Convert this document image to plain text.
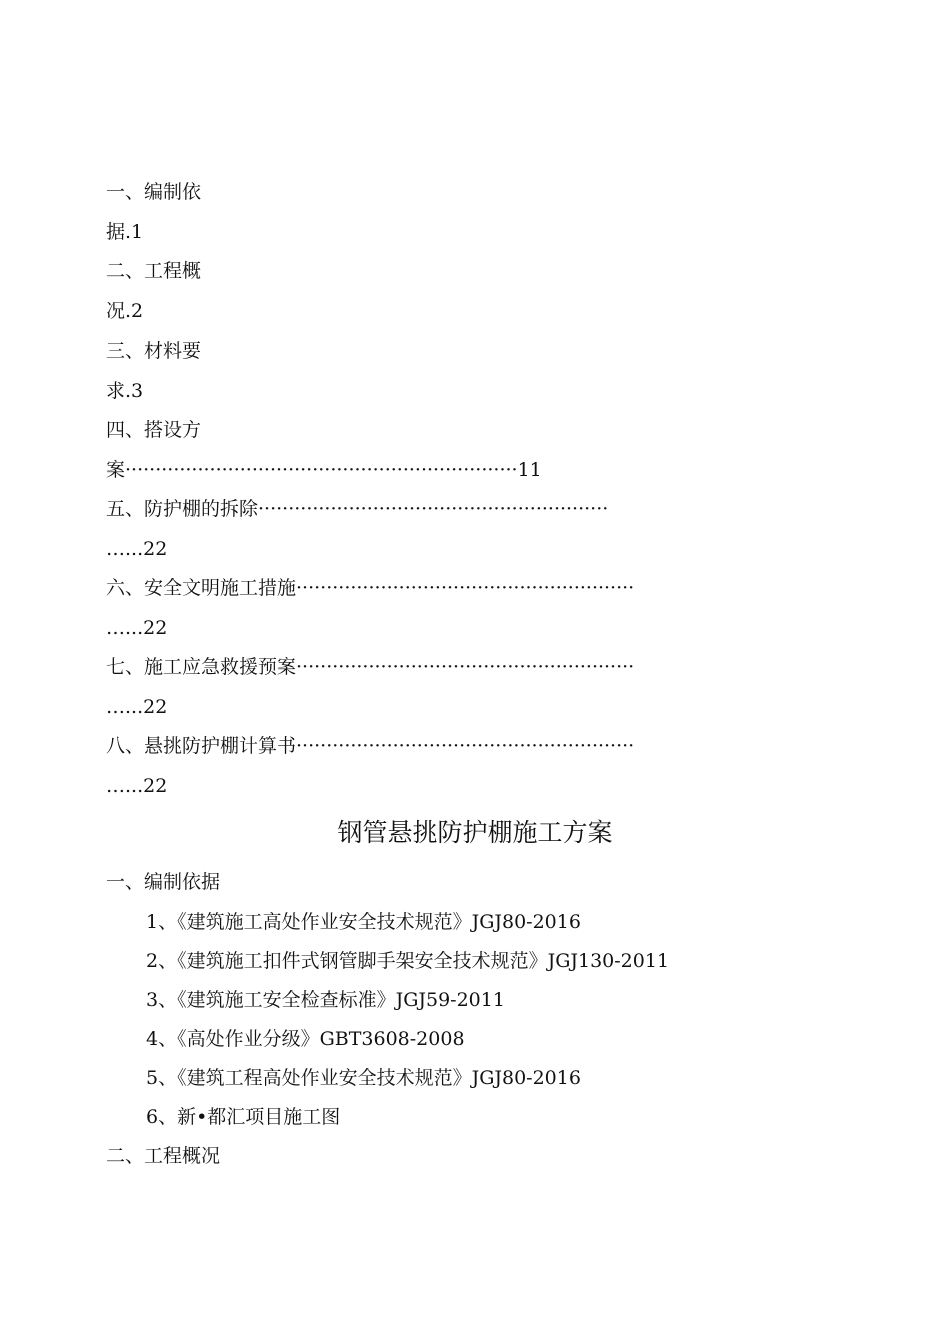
一、编制依

据.1

二、工程概

况.2

三、材料要

求.3

四、搭设方

案·································································11

五、防护棚的拆除··························································

…...22

六、安全文明施工措施························································

…...22

七、施工应急救援预案························································

…...22

八、悬挑防护棚计算书························································

…...22

钢管悬挑防护棚施工方案

一、编制依据

1、《建筑施工高处作业安全技术规范》JGJ80-2016

2、《建筑施工扣件式钢管脚手架安全技术规范》JGJ130-2011

3、《建筑施工安全检查标准》JGJ59-2011

4、《高处作业分级》GBT3608-2008

5、《建筑工程高处作业安全技术规范》JGJ80-2016

6、新•都汇项目施工图

二、工程概况
